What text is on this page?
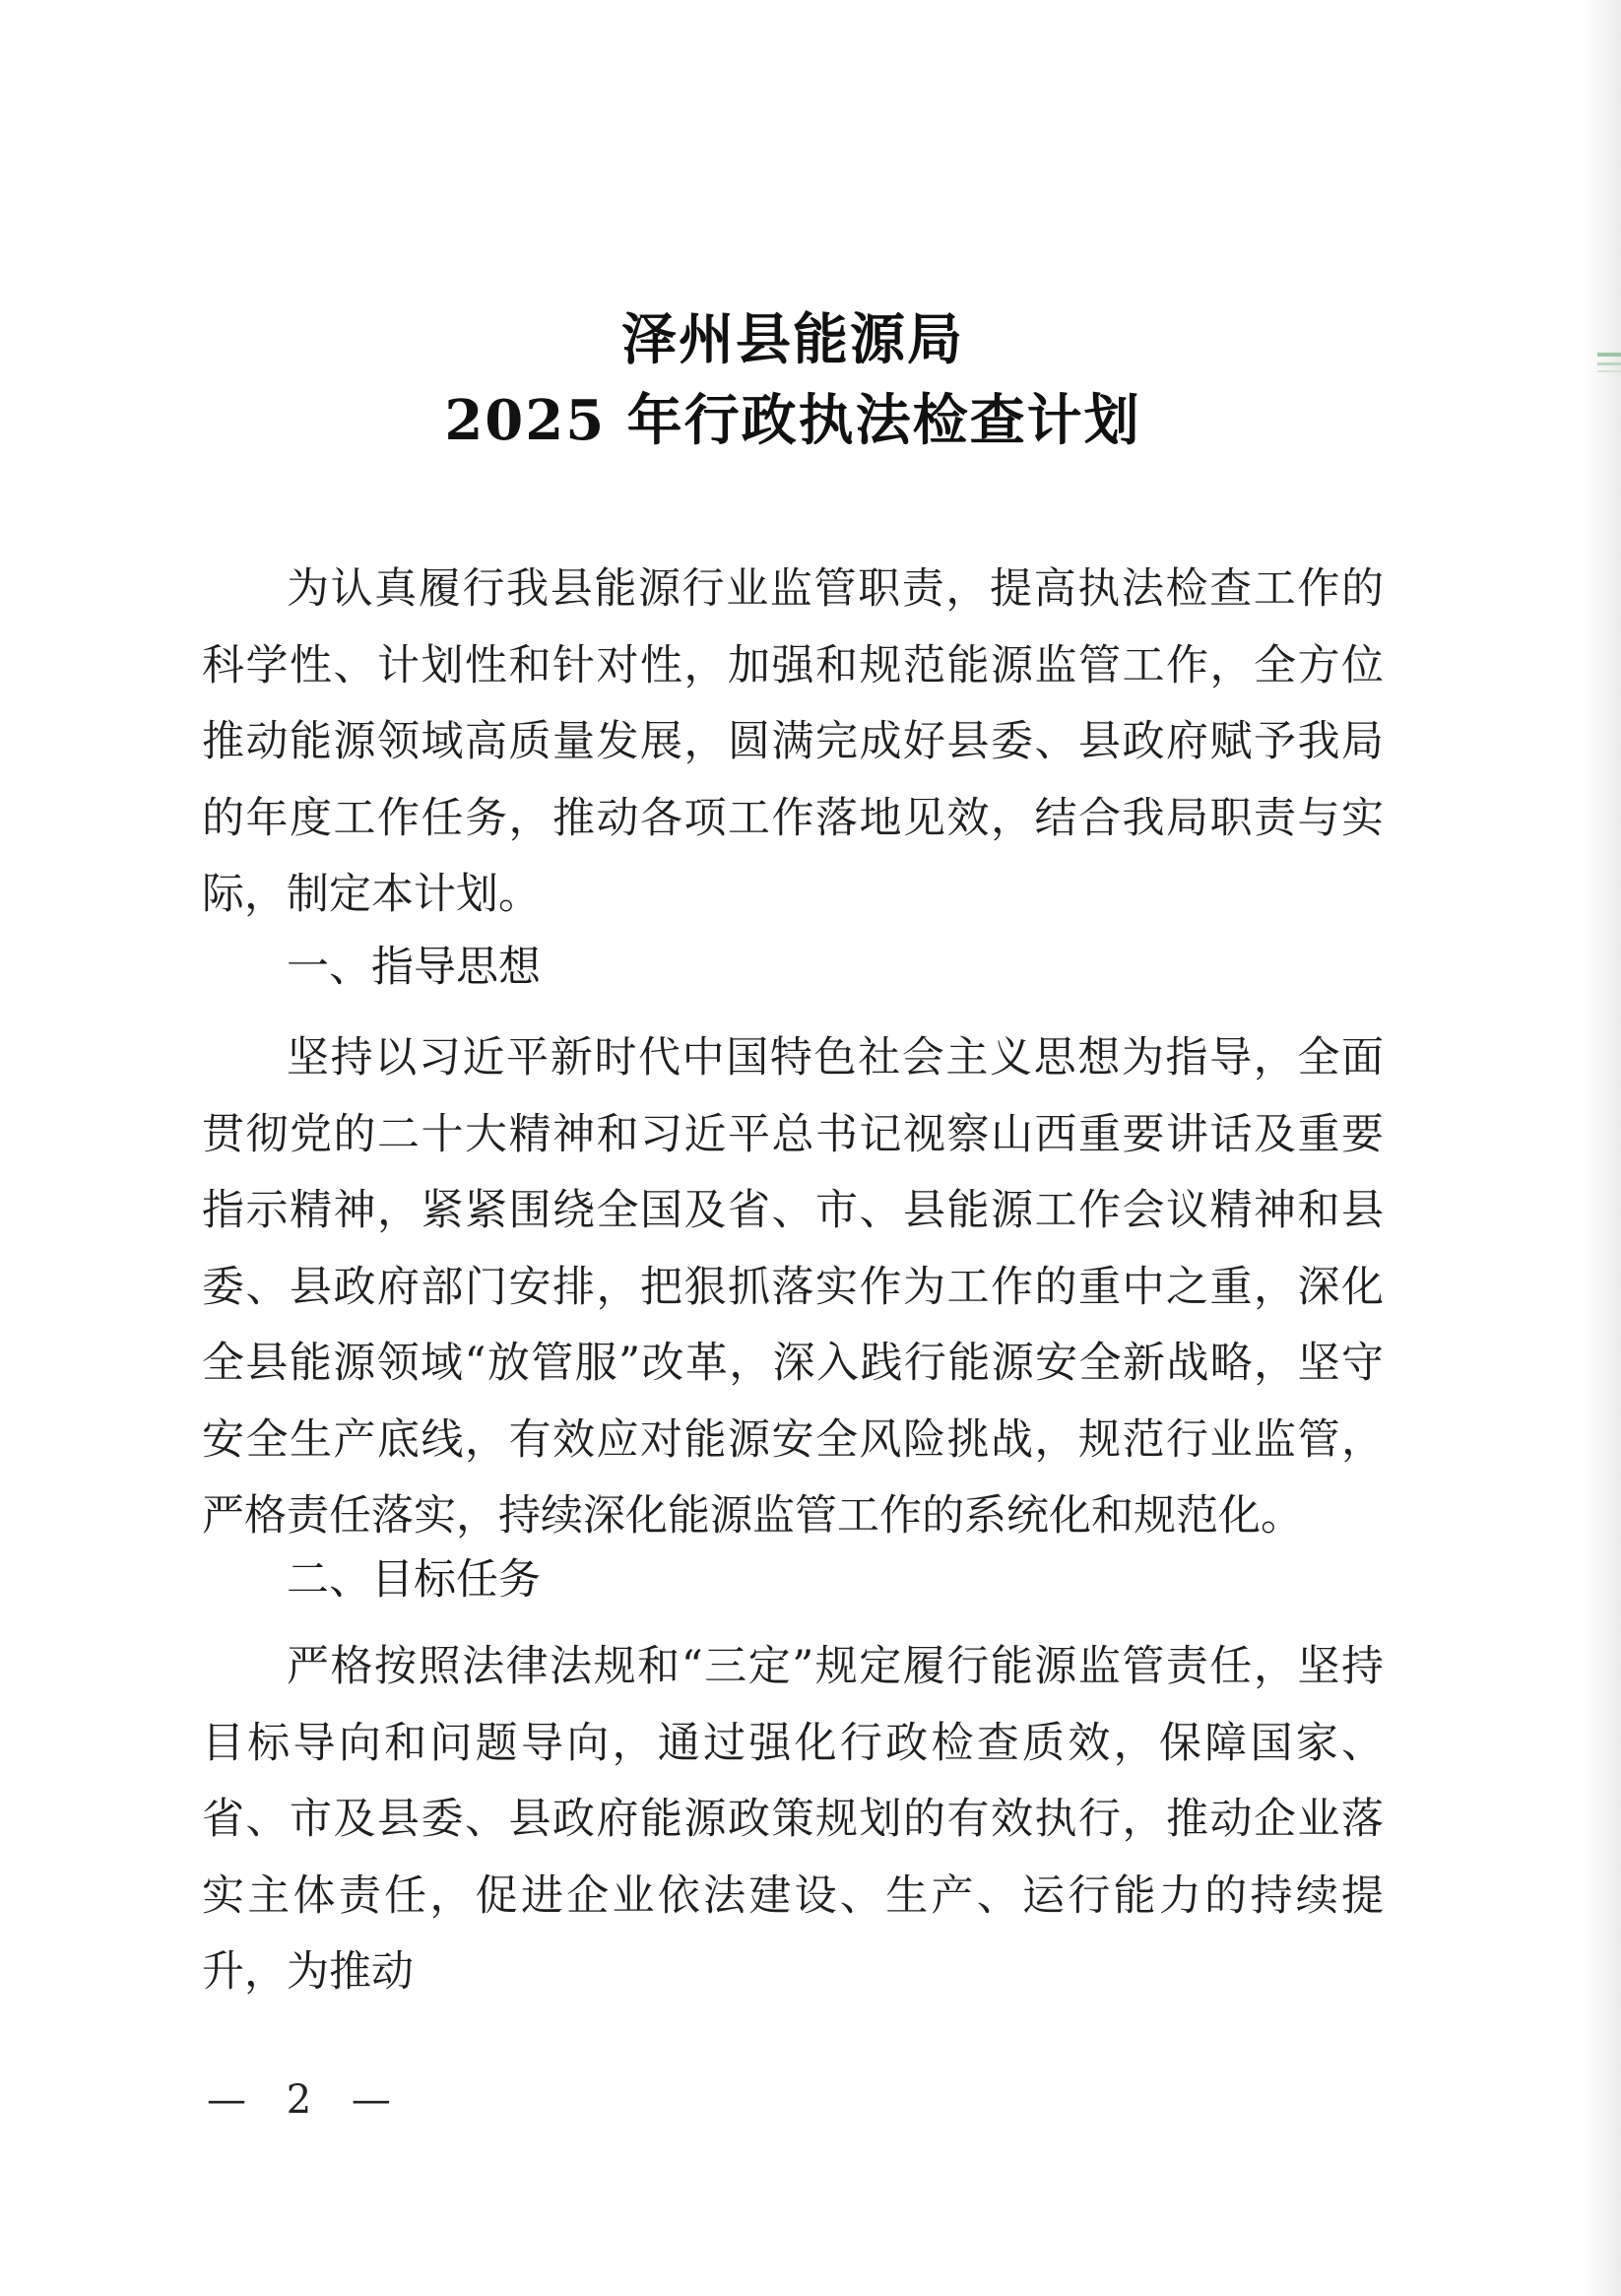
泽州县能源局
2025 年行政执法检查计划

为认真履行我县能源行业监管职责，提高执法检查工作的科学性、计划性和针对性，加强和规范能源监管工作，全方位推动能源领域高质量发展，圆满完成好县委、县政府赋予我局的年度工作任务，推动各项工作落地见效，结合我局职责与实际，制定本计划。

一、指导思想

坚持以习近平新时代中国特色社会主义思想为指导，全面贯彻党的二十大精神和习近平总书记视察山西重要讲话及重要指示精神，紧紧围绕全国及省、市、县能源工作会议精神和县委、县政府部门安排，把狠抓落实作为工作的重中之重，深化全县能源领域“放管服”改革，深入践行能源安全新战略，坚守安全生产底线，有效应对能源安全风险挑战，规范行业监管，严格责任落实，持续深化能源监管工作的系统化和规范化。

二、目标任务

严格按照法律法规和“三定”规定履行能源监管责任，坚持目标导向和问题导向，通过强化行政检查质效，保障国家、省、市及县委、县政府能源政策规划的有效执行，推动企业落实主体责任，促进企业依法建设、生产、运行能力的持续提升，为推动

— 2 —
